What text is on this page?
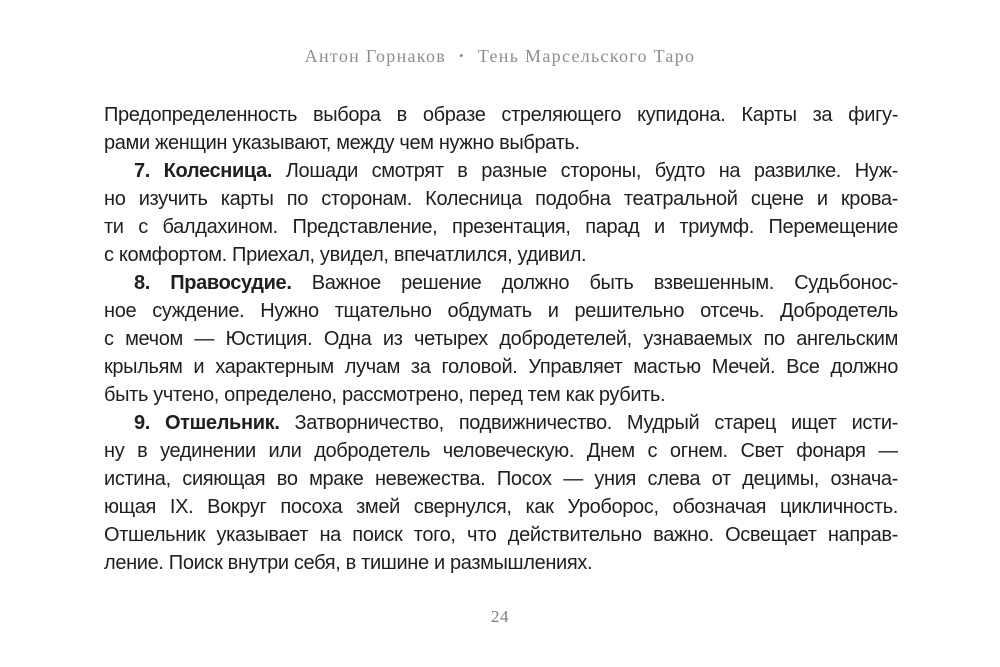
Антон Горнаков • Тень Марсельского Таро
Предопределенность выбора в образе стреляющего купидона. Карты за фигу-
рами женщин указывают, между чем нужно выбрать.
7. Колесница. Лошади смотрят в разные стороны, будто на развилке. Нуж-
но изучить карты по сторонам. Колесница подобна театральной сцене и крова-
ти с балдахином. Представление, презентация, парад и триумф. Перемещение
с комфортом. Приехал, увидел, впечатлился, удивил.
8. Правосудие. Важное решение должно быть взвешенным. Судьбонос-
ное суждение. Нужно тщательно обдумать и решительно отсечь. Добродетель
с мечом — Юстиция. Одна из четырех добродетелей, узнаваемых по ангельским
крыльям и характерным лучам за головой. Управляет мастью Мечей. Все должно
быть учтено, определено, рассмотрено, перед тем как рубить.
9. Отшельник. Затворничество, подвижничество. Мудрый старец ищет исти-
ну в уединении или добродетель человеческую. Днем с огнем. Свет фонаря —
истина, сияющая во мраке невежества. Посох — уния слева от децимы, означа-
ющая IX. Вокруг посоха змей свернулся, как Уроборос, обозначая цикличность.
Отшельник указывает на поиск того, что действительно важно. Освещает направ-
ление. Поиск внутри себя, в тишине и размышлениях.
24
